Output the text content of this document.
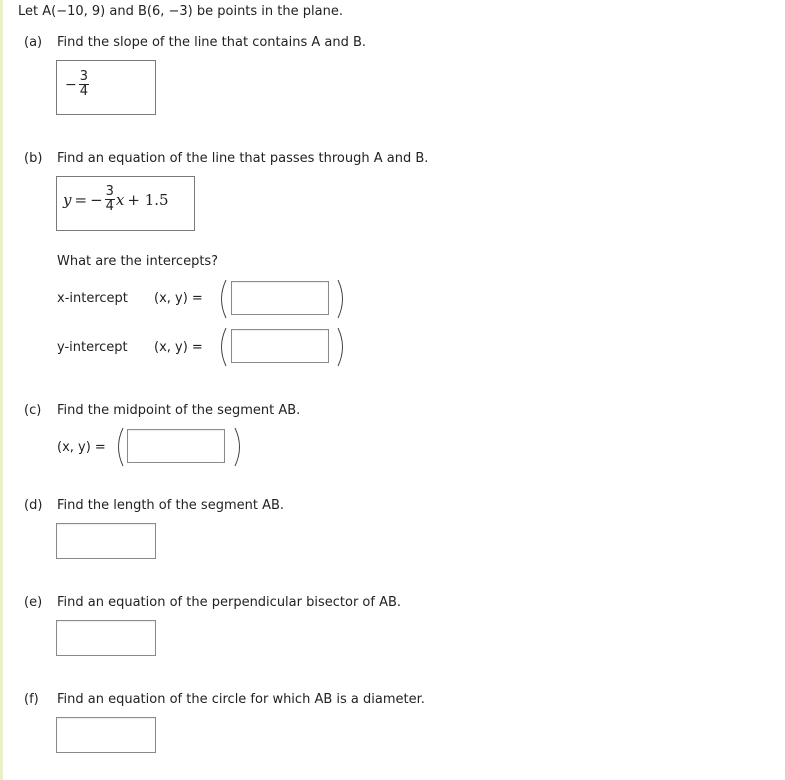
Let A(−10, 9) and B(6, −3) be points in the plane.
(a) Find the slope of the line that contains A and B.
− $\frac{3}{4}$
(b) Find an equation of the line that passes through A and B.
y = − $\frac{3}{4}$ x + 1.5
What are the intercepts?
x-intercept (x, y) =
y-intercept (x, y) =
(c) Find the midpoint of the segment AB.
(x, y) =
(d) Find the length of the segment AB.
(e) Find an equation of the perpendicular bisector of AB.
(f) Find an equation of the circle for which AB is a diameter.
